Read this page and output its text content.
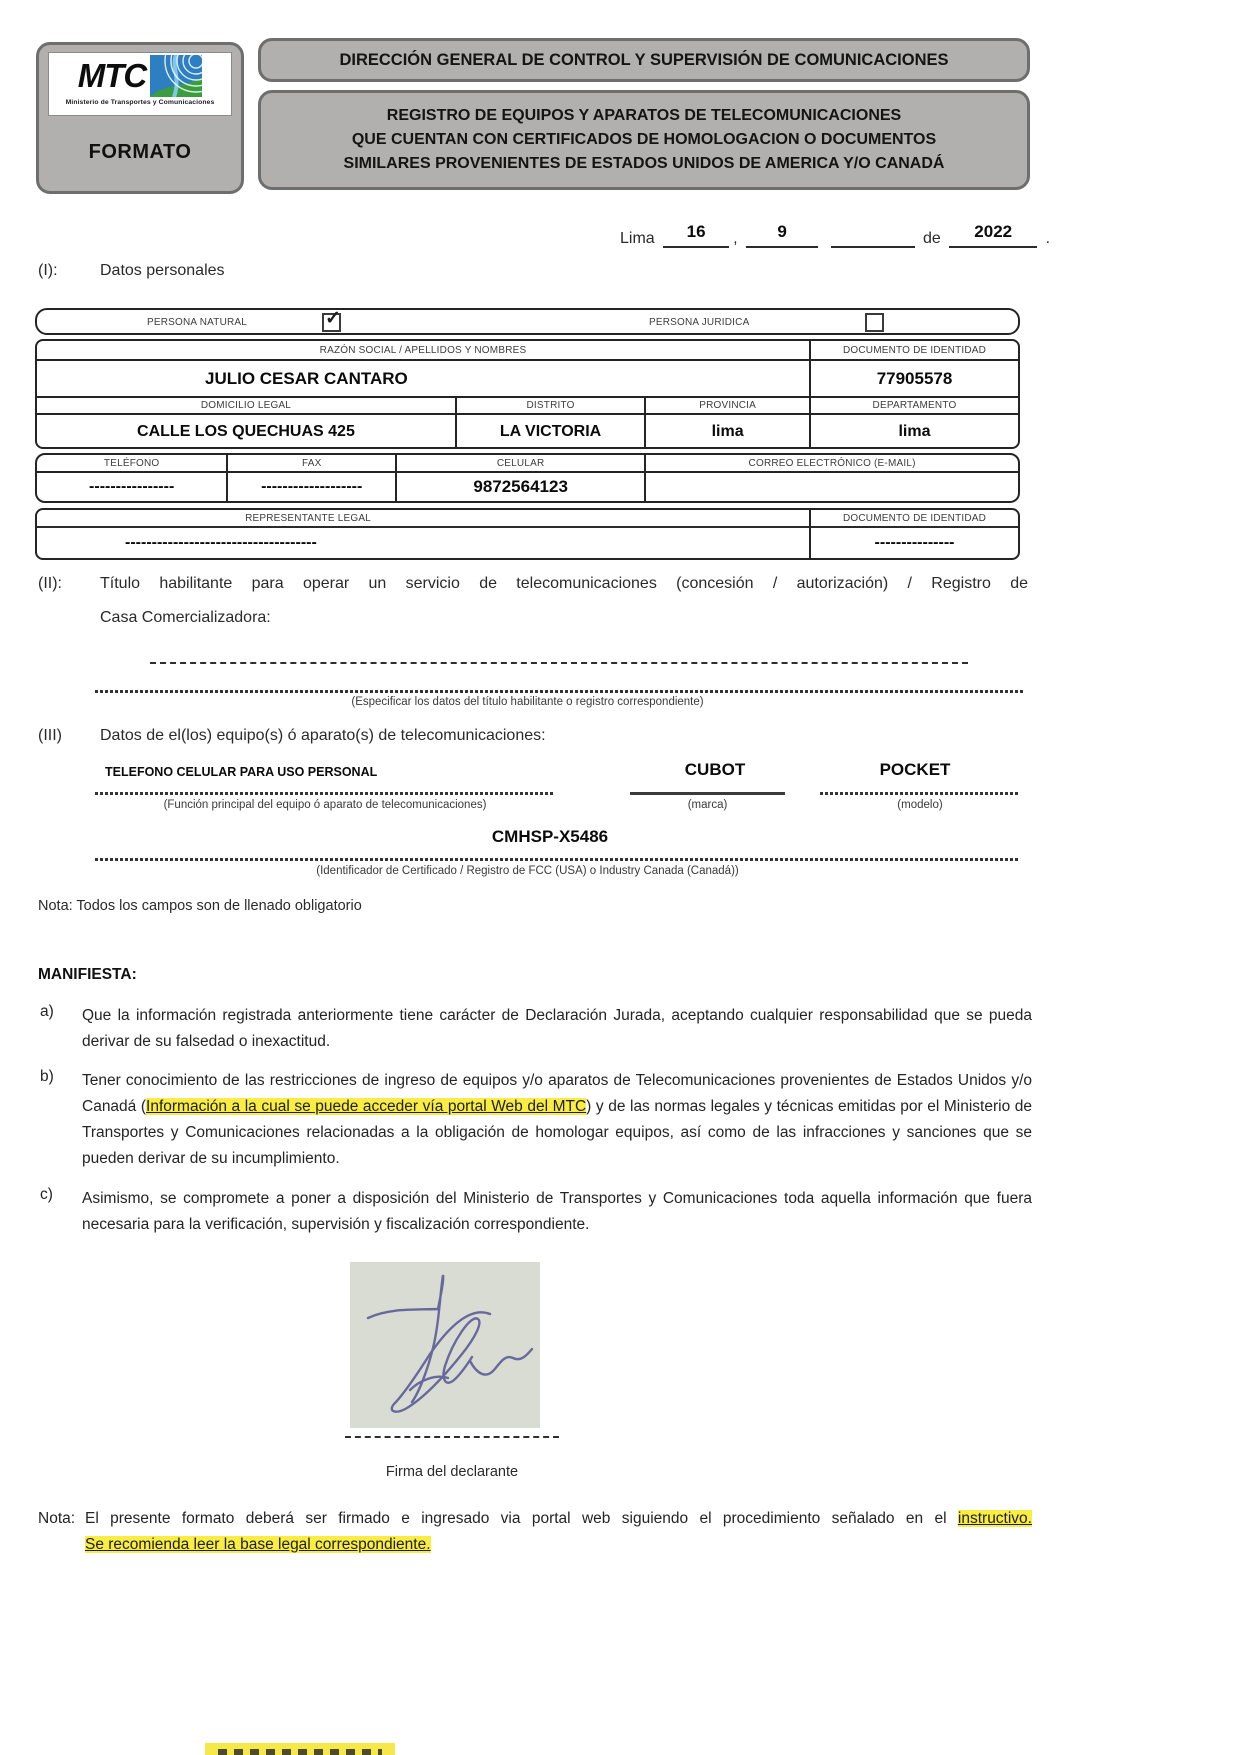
MTC
Ministerio de Transportes y Comunicaciones
FORMATO
DIRECCIÓN GENERAL DE CONTROL Y SUPERVISIÓN DE COMUNICACIONES
REGISTRO DE EQUIPOS Y APARATOS DE TELECOMUNICACIONES
QUE CUENTAN CON CERTIFICADOS DE HOMOLOGACION O DOCUMENTOS
SIMILARES PROVENIENTES DE ESTADOS UNIDOS DE AMERICA Y/O CANADÁ
Lima 16 , 9	de 2022 .
(I):	Datos personales
PERSONA NATURAL	✓	PERSONA JURIDICA
RAZÓN SOCIAL / APELLIDOS Y NOMBRES	DOCUMENTO DE IDENTIDAD
JULIO CESAR CANTARO	77905578
DOMICILIO LEGAL	DISTRITO	PROVINCIA	DEPARTAMENTO
CALLE LOS QUECHUAS 425	LA VICTORIA	lima	lima
TELÉFONO	FAX	CELULAR	CORREO ELECTRÓNICO (E-MAIL)
----------------	-------------------	9872564123
REPRESENTANTE LEGAL	DOCUMENTO DE IDENTIDAD
------------------------------------	---------------
(II): Título habilitante para operar un servicio de telecomunicaciones (concesión / autorización) / Registro de
Casa Comercializadora:
(Especificar los datos del título habilitante o registro correspondiente)
(III) Datos de el(los) equipo(s) ó aparato(s) de telecomunicaciones:
TELEFONO CELULAR PARA USO PERSONAL	CUBOT	POCKET
(Función principal del equipo ó aparato de telecomunicaciones)	(marca)	(modelo)
CMHSP-X5486
(Identificador de Certificado / Registro de FCC (USA) o Industry Canada (Canadá))
Nota: Todos los campos son de llenado obligatorio
MANIFIESTA:
a) Que la información registrada anteriormente tiene carácter de Declaración Jurada, aceptando cualquier responsabilidad que se pueda derivar de su falsedad o inexactitud.
b) Tener conocimiento de las restricciones de ingreso de equipos y/o aparatos de Telecomunicaciones provenientes de Estados Unidos y/o Canadá (Información a la cual se puede acceder vía portal Web del MTC) y de las normas legales y técnicas emitidas por el Ministerio de Transportes y Comunicaciones relacionadas a la obligación de homologar equipos, así como de las infracciones y sanciones que se pueden derivar de su incumplimiento.
c) Asimismo, se compromete a poner a disposición del Ministerio de Transportes y Comunicaciones toda aquella información que fuera necesaria para la verificación, supervisión y fiscalización correspondiente.
Firma del declarante
Nota: El presente formato deberá ser firmado e ingresado via portal web siguiendo el procedimiento señalado en el instructivo.
Se recomienda leer la base legal correspondiente.
